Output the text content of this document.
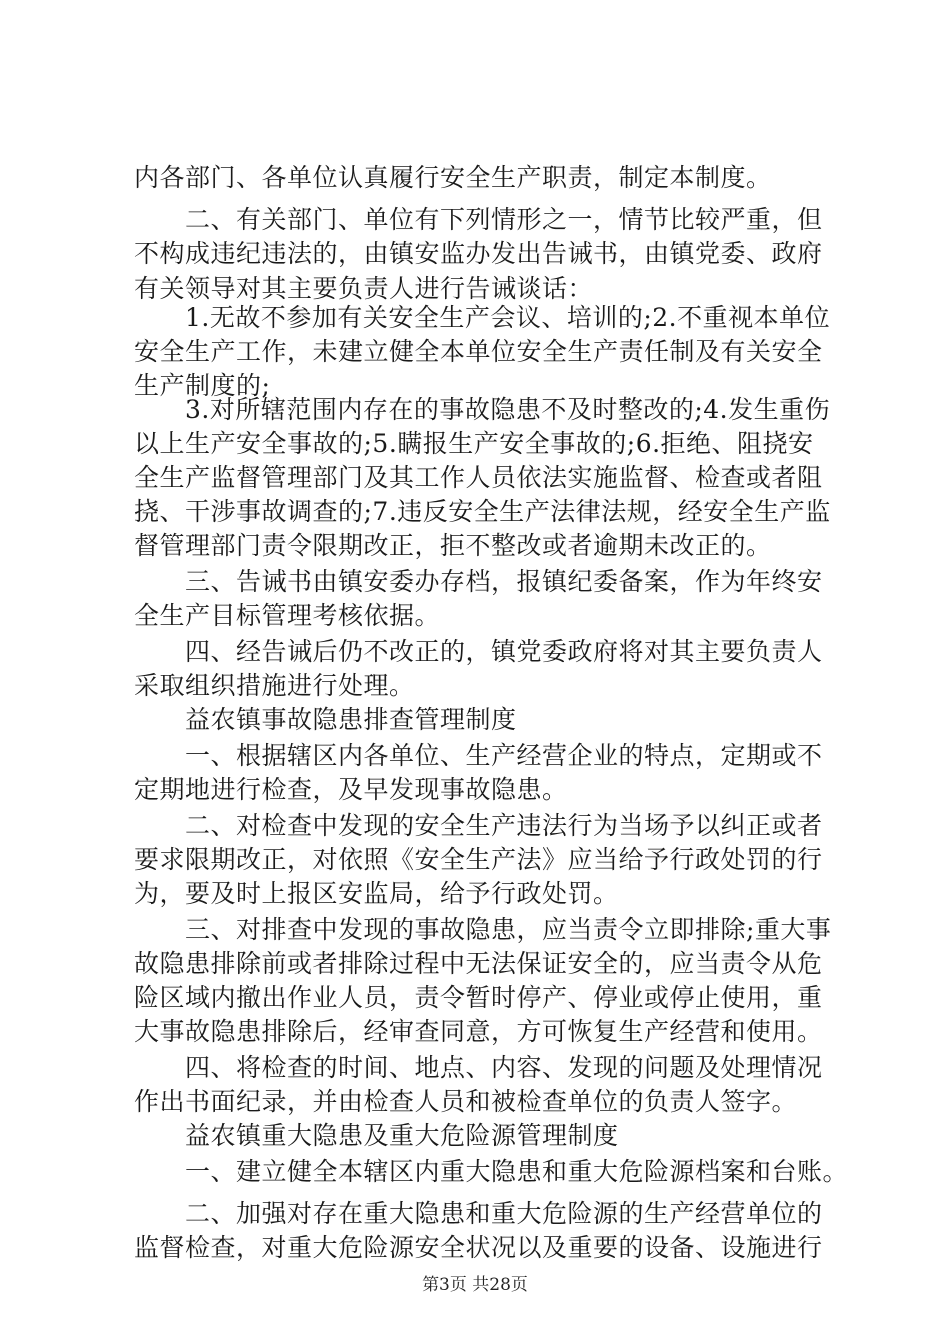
内各部门、各单位认真履行安全生产职责，制定本制度。
　　二、有关部门、单位有下列情形之一，情节比较严重，但
不构成违纪违法的，由镇安监办发出告诫书，由镇党委、政府
有关领导对其主要负责人进行告诫谈话：
　　1.无故不参加有关安全生产会议、培训的;2.不重视本单位
安全生产工作，未建立健全本单位安全生产责任制及有关安全
生产制度的;
　　3.对所辖范围内存在的事故隐患不及时整改的;4.发生重伤
以上生产安全事故的;5.瞒报生产安全事故的;6.拒绝、阻挠安
全生产监督管理部门及其工作人员依法实施监督、检查或者阻
挠、干涉事故调查的;7.违反安全生产法律法规，经安全生产监
督管理部门责令限期改正，拒不整改或者逾期未改正的。
　　三、告诫书由镇安委办存档，报镇纪委备案，作为年终安
全生产目标管理考核依据。
　　四、经告诫后仍不改正的，镇党委政府将对其主要负责人
采取组织措施进行处理。
　　益农镇事故隐患排查管理制度
　　一、根据辖区内各单位、生产经营企业的特点，定期或不
定期地进行检查，及早发现事故隐患。
　　二、对检查中发现的安全生产违法行为当场予以纠正或者
要求限期改正，对依照《安全生产法》应当给予行政处罚的行
为，要及时上报区安监局，给予行政处罚。
　　三、对排查中发现的事故隐患，应当责令立即排除;重大事
故隐患排除前或者排除过程中无法保证安全的，应当责令从危
险区域内撤出作业人员，责令暂时停产、停业或停止使用，重
大事故隐患排除后，经审查同意，方可恢复生产经营和使用。
　　四、将检查的时间、地点、内容、发现的问题及处理情况
作出书面纪录，并由检查人员和被检查单位的负责人签字。
　　益农镇重大隐患及重大危险源管理制度
　　一、建立健全本辖区内重大隐患和重大危险源档案和台账。
　　二、加强对存在重大隐患和重大危险源的生产经营单位的
监督检查，对重大危险源安全状况以及重要的设备、设施进行
第3页 共28页
